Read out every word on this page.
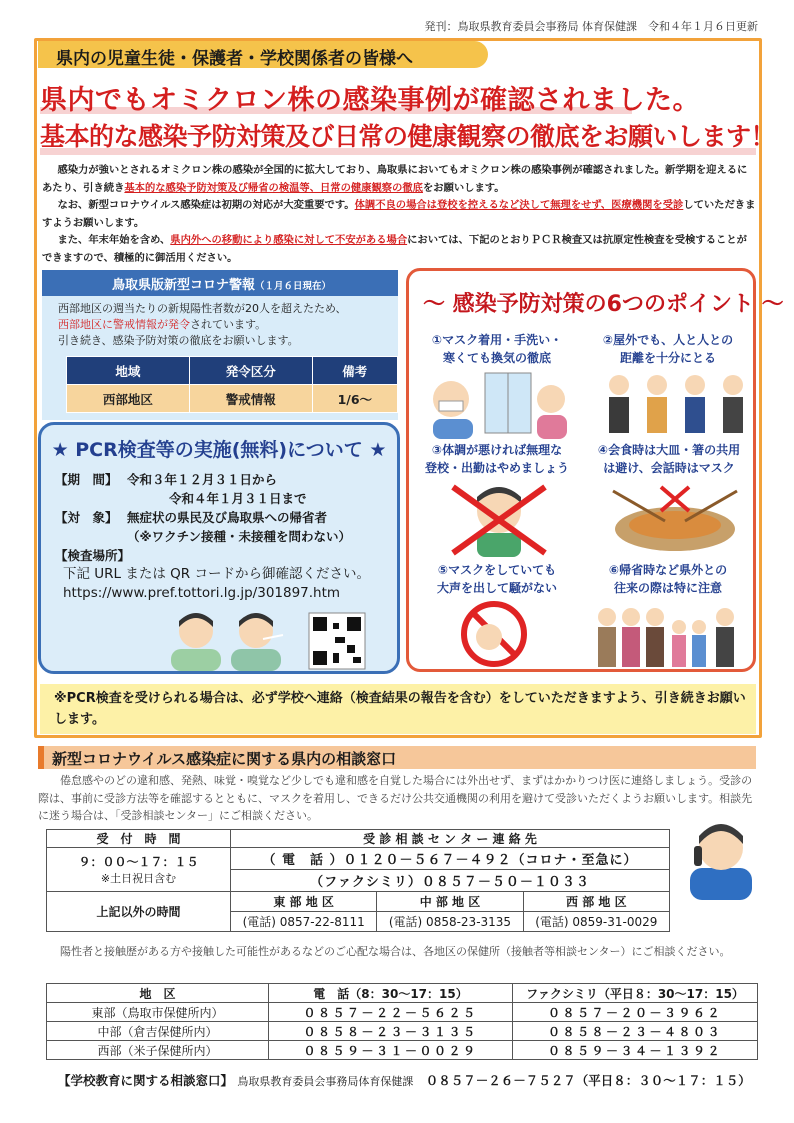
発刊：鳥取県教育委員会事務局 体育保健課　令和４年１月６日更新
県内の児童生徒・保護者・学校関係者の皆様へ
県内でもオミクロン株の感染事例が確認されました。
基本的な感染予防対策及び日常の健康観察の徹底をお願いします！

感染力が強いとされるオミクロン株の感染が全国的に拡大しており、鳥取県においてもオミクロン株の感染事例が確認されました。新学期を迎えるにあたり、引き続き基本的な感染予防対策及び帰省の検温等、日常の健康観察の徹底をお願いします。

なお、新型コロナウイルス感染症は初期の対応が大変重要です。体調不良の場合は登校を控えるなど決して無理をせず、医療機関を受診していただきますようお願いします。

また、年末年始を含め、県内外への移動により感染に対して不安がある場合においては、下記のとおりＰＣＲ検査又は抗原定性検査を受検することができますので、積極的に御活用ください。

鳥取県版新型コロナ警報（１月６日現在）
西部地区の週当たりの新規陽性者数が20人を超えたため、
西部地区に警戒情報が発令されています。
引き続き、感染予防対策の徹底をお願いします。
地域	発令区分	備考
西部地区	警戒情報	1/6〜
★ PCR検査等の実施(無料)について ★
【期　間】 令和３年１２月３１日から
令和４年１月３１日まで
【対　象】 無症状の県民及び鳥取県への帰省者
（※ワクチン接種・未接種を問わない）
【検査場所】
下記 URL または QR コードから御確認ください。
https://www.pref.tottori.lg.jp/301897.htm
～ 感染予防対策の6つのポイント ～
①マスク着用・手洗い・
寒くても換気の徹底
②屋外でも、人と人との
距離を十分にとる
③体調が悪ければ無理な
登校・出勤はやめましょう
④会食時は大皿・箸の共用
は避け、会話時はマスク
⑤マスクをしていても
大声を出して騒がない
⑥帰省時など県外との
往来の際は特に注意
※PCR検査を受けられる場合は、必ず学校へ連絡（検査結果の報告を含む）をしていただきますよう、引き続きお願いします。
新型コロナウイルス感染症に関する県内の相談窓口

倦怠感やのどの違和感、発熱、味覚・嗅覚など少しでも違和感を自覚した場合には外出せず、まずはかかりつけ医に連絡しましょう。受診の際は、事前に受診方法等を確認するとともに、マスクを着用し、できるだけ公共交通機関の利用を避けて受診いただくようお願いします。相談先に迷う場合は、「受診相談センター」にご相談ください。

受　付　時　間	受 診 相 談 セ ン タ ー 連 絡 先		

９：００〜１７：１５
※土日祝日含む	（ 電　話 ）０１２０－５６７－４９２（コロナ・至急に）		
	（ファクシミリ）０８５７－５０－１０３３		
上記以外の時間	東 部 地 区	中 部 地 区	西 部 地 区
	(電話) 0857-22-8111	(電話) 0858-23-3135	(電話) 0859-31-0029
陽性者と接触歴がある方や接触した可能性があるなどのご心配な場合は、各地区の保健所（接触者等相談センター）にご相談ください。
地　区	電　話（8：30〜17：15）	ファクシミリ（平日８：30〜17：15）
東部（鳥取市保健所内）	０８５７－２２－５６２５	０８５７－２０－３９６２
中部（倉吉保健所内）	０８５８－２３－３１３５	０８５８－２３－４８０３
西部（米子保健所内）	０８５９－３１－００２９	０８５９－３４－１３９２
【学校教育に関する相談窓口】 鳥取県教育委員会事務局体育保健課 ０８５７－２６－７５２７（平日８：３０〜１７：１５）
